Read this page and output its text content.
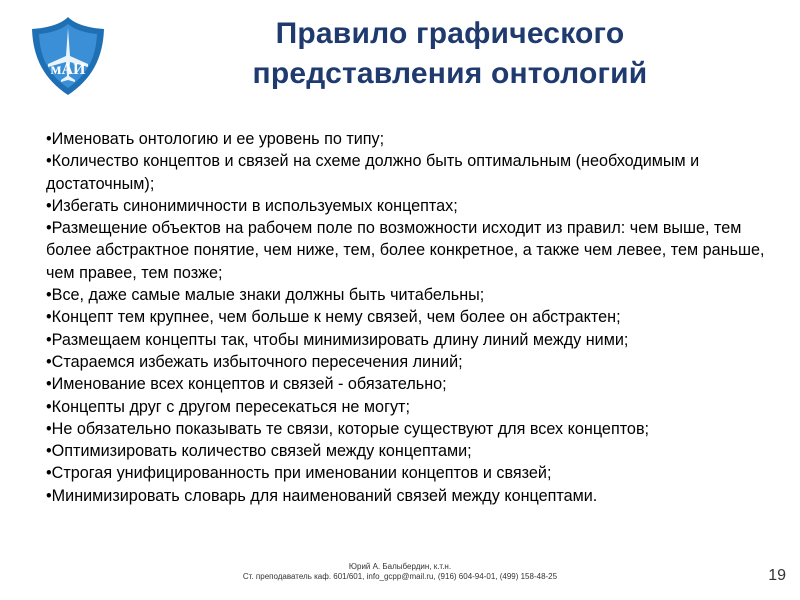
мАИ
Правило графического
представления онтологий
•Именовать онтологию и ее уровень по типу;
•Количество концептов и связей на схеме должно быть оптимальным (необходимым и достаточным);
•Избегать синонимичности в используемых концептах;
•Размещение объектов на рабочем поле по возможности исходит из правил: чем выше, тем более абстрактное понятие, чем ниже, тем, более конкретное, а также чем левее, тем раньше, чем правее, тем позже;
•Все, даже самые малые знаки должны быть читабельны;
•Концепт тем крупнее, чем больше к нему связей, чем более он абстрактен;
•Размещаем концепты так, чтобы минимизировать длину линий между ними;
•Стараемся избежать избыточного пересечения линий;
•Именование всех концептов и связей - обязательно;
•Концепты друг с другом пересекаться не могут;
•Не обязательно показывать те связи, которые существуют для всех концептов;
•Оптимизировать количество связей между концептами;
•Строгая унифицированность при именовании концептов и связей;
•Минимизировать словарь для наименований связей между концептами.
Юрий А. Балыбердин, к.т.н.
Ст. преподаватель каф. 601/601, info_gcpp@mail.ru, (916) 604-94-01, (499) 158-48-25	19
